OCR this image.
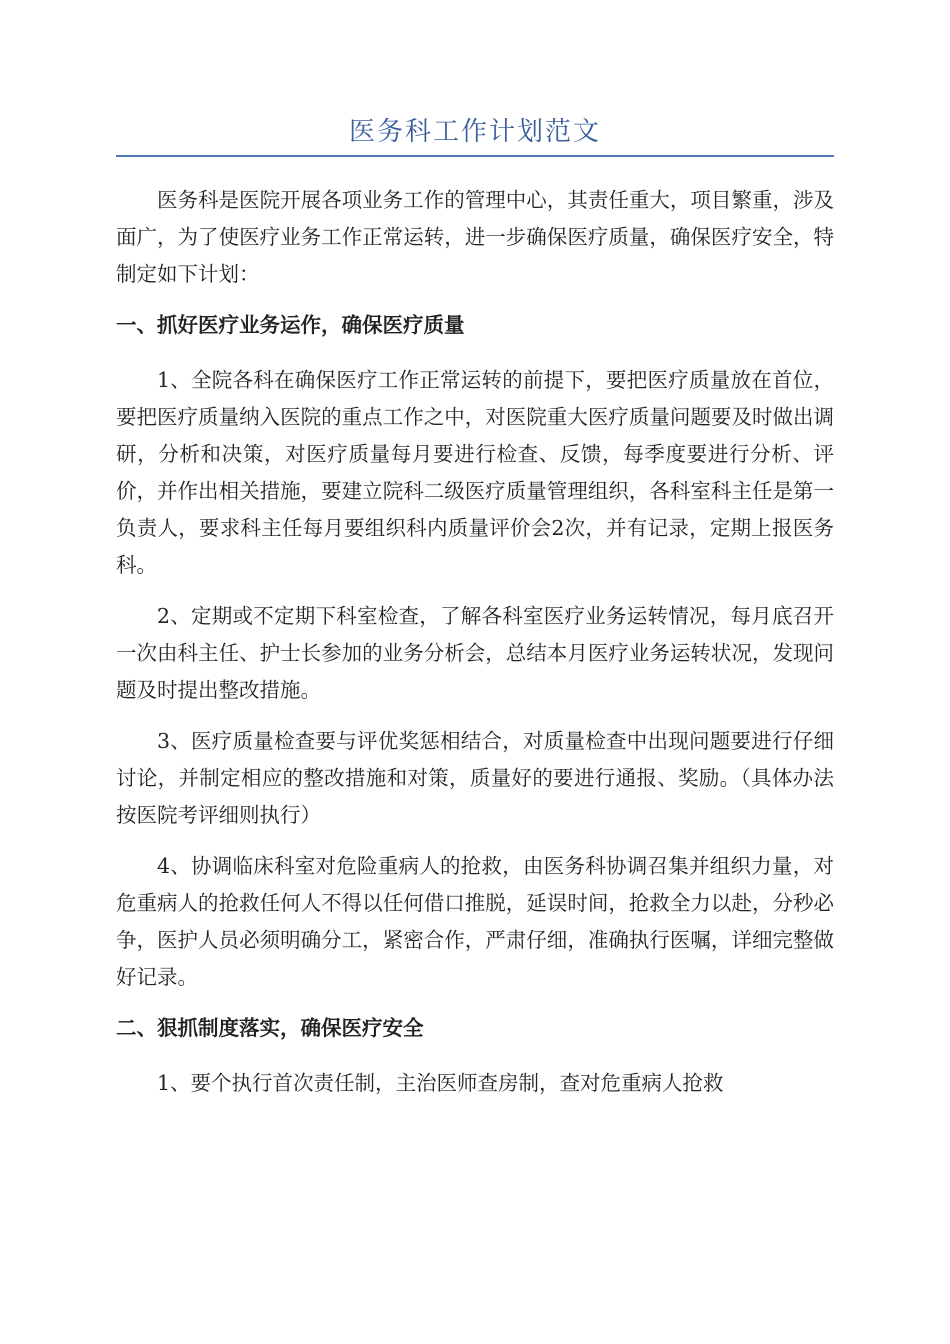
医务科工作计划范文

医务科是医院开展各项业务工作的管理中心，其责任重大，项目繁重，涉及面广，为了使医疗业务工作正常运转，进一步确保医疗质量，确保医疗安全，特制定如下计划：

一、抓好医疗业务运作，确保医疗质量

1、全院各科在确保医疗工作正常运转的前提下，要把医疗质量放在首位，要把医疗质量纳入医院的重点工作之中，对医院重大医疗质量问题要及时做出调研，分析和决策，对医疗质量每月要进行检查、反馈，每季度要进行分析、评价，并作出相关措施，要建立院科二级医疗质量管理组织，各科室科主任是第一负责人，要求科主任每月要组织科内质量评价会2次，并有记录，定期上报医务科。

2、定期或不定期下科室检查，了解各科室医疗业务运转情况，每月底召开一次由科主任、护士长参加的业务分析会，总结本月医疗业务运转状况，发现问题及时提出整改措施。

3、医疗质量检查要与评优奖惩相结合，对质量检查中出现问题要进行仔细讨论，并制定相应的整改措施和对策，质量好的要进行通报、奖励。（具体办法按医院考评细则执行）

4、协调临床科室对危险重病人的抢救，由医务科协调召集并组织力量，对危重病人的抢救任何人不得以任何借口推脱，延误时间，抢救全力以赴，分秒必争，医护人员必须明确分工，紧密合作，严肃仔细，准确执行医嘱，详细完整做好记录。

二、狠抓制度落实，确保医疗安全

1、要个执行首次责任制，主治医师查房制，查对危重病人抢救
